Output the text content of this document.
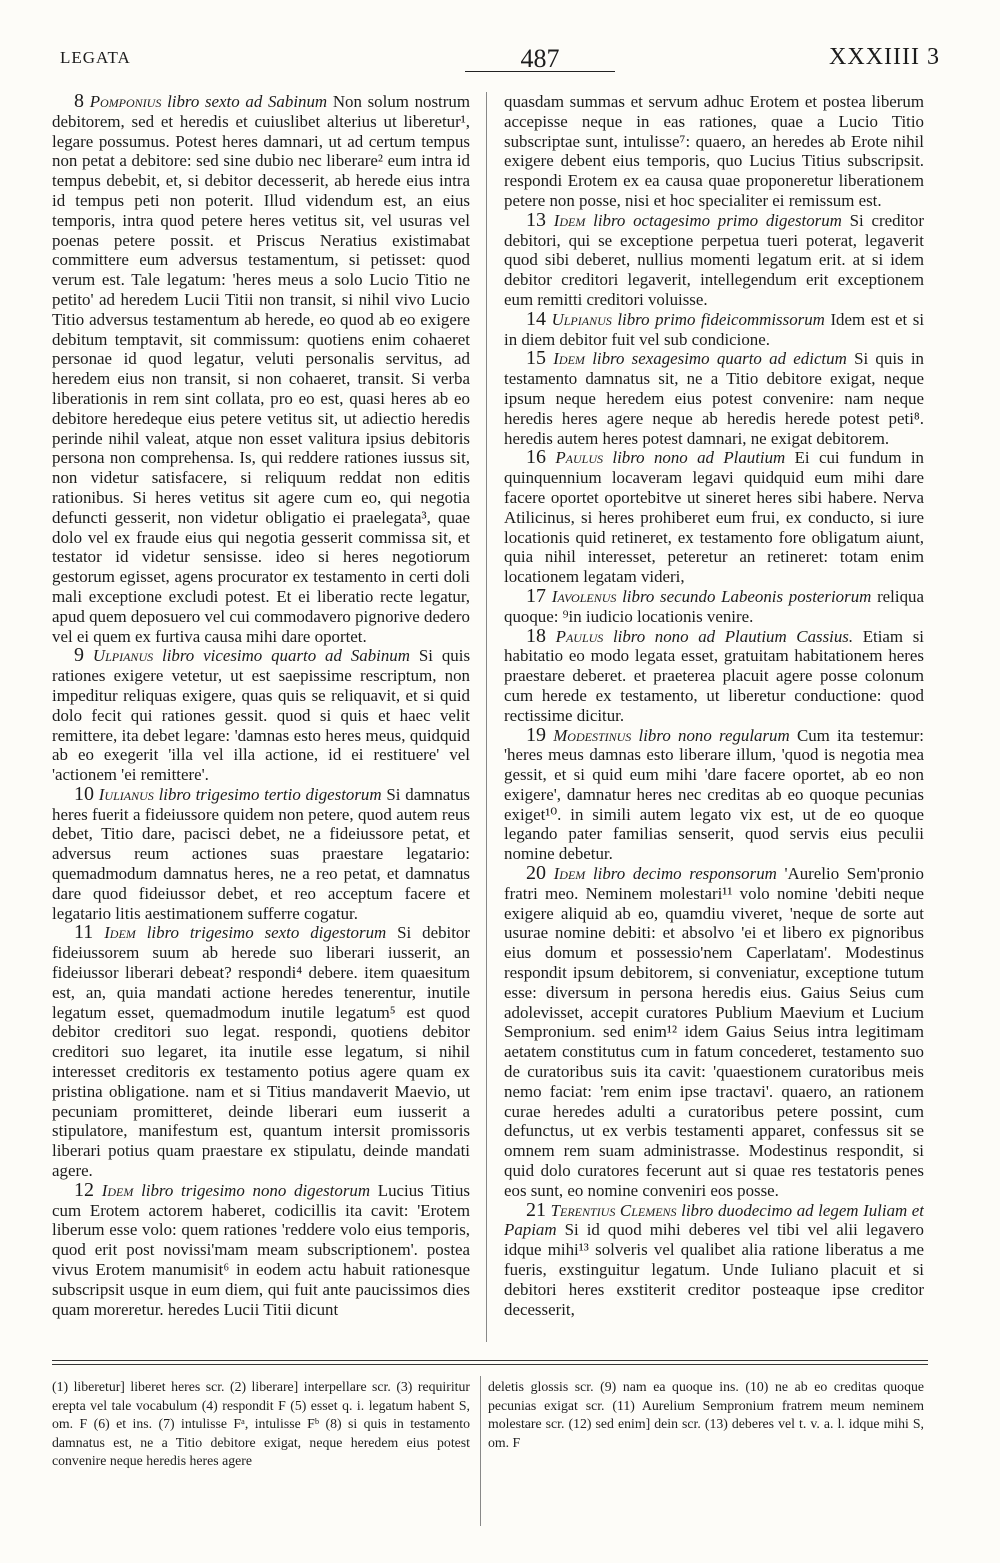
LEGATA	487	XXXIIII 3

8 Pomponius libro sexto ad Sabinum Non solum nostrum debitorem, sed et heredis et cuiuslibet alterius ut liberetur¹, legare possumus. Potest heres damnari, ut ad certum tempus non petat a debitore: sed sine dubio nec liberare² eum intra id tempus debebit, et, si debitor decesserit, ab herede eius intra id tempus peti non poterit. Illud videndum est, an eius temporis, intra quod petere heres vetitus sit, vel usuras vel poenas petere possit. et Priscus Neratius existimabat committere eum adversus testamentum, si petisset: quod verum est. Tale legatum: 'heres meus a solo Lucio Titio ne petito' ad heredem Lucii Titii non transit, si nihil vivo Lucio Titio adversus testamentum ab herede, eo quod ab eo exigere debitum temptavit, sit commissum: quotiens enim cohaeret personae id quod legatur, veluti personalis servitus, ad heredem eius non transit, si non cohaeret, transit. Si verba liberationis in rem sint collata, pro eo est, quasi heres ab eo debitore heredeque eius petere vetitus sit, ut adiectio heredis perinde nihil valeat, atque non esset valitura ipsius debitoris persona non comprehensa. Is, qui reddere rationes iussus sit, non videtur satisfacere, si reliquum reddat non editis rationibus. Si heres vetitus sit agere cum eo, qui negotia defuncti gesserit, non videtur obligatio ei praelegata³, quae dolo vel ex fraude eius qui negotia gesserit commissa sit, et testator id videtur sensisse. ideo si heres negotiorum gestorum egisset, agens procurator ex testamento in certi doli mali exceptione excludi potest. Et ei liberatio recte legatur, apud quem deposuero vel cui commodavero pignorive dedero vel ei quem ex furtiva causa mihi dare oportet.

9 Ulpianus libro vicesimo quarto ad Sabinum Si quis rationes exigere vetetur, ut est saepissime rescriptum, non impeditur reliquas exigere, quas quis se reliquavit, et si quid dolo fecit qui rationes gessit. quod si quis et haec velit remittere, ita debet legare: 'damnas esto heres meus, quidquid ab eo exegerit 'illa vel illa actione, id ei restituere' vel 'actionem 'ei remittere'.

10 Iulianus libro trigesimo tertio digestorum Si damnatus heres fuerit a fideiussore quidem non petere, quod autem reus debet, Titio dare, pacisci debet, ne a fideiussore petat, et adversus reum actiones suas praestare legatario: quemadmodum damnatus heres, ne a reo petat, et damnatus dare quod fideiussor debet, et reo acceptum facere et legatario litis aestimationem sufferre cogatur.

11 Idem libro trigesimo sexto digestorum Si debitor fideiussorem suum ab herede suo liberari iusserit, an fideiussor liberari debeat? respondi⁴ debere. item quaesitum est, an, quia mandati actione heredes tenerentur, inutile legatum esset, quemadmodum inutile legatum⁵ est quod debitor creditori suo legat. respondi, quotiens debitor creditori suo legaret, ita inutile esse legatum, si nihil interesset creditoris ex testamento potius agere quam ex pristina obligatione. nam et si Titius mandaverit Maevio, ut pecuniam promitteret, deinde liberari eum iusserit a stipulatore, manifestum est, quantum intersit promissoris liberari potius quam praestare ex stipulatu, deinde mandati agere.

12 Idem libro trigesimo nono digestorum Lucius Titius cum Erotem actorem haberet, codicillis ita cavit: 'Erotem liberum esse volo: quem rationes 'reddere volo eius temporis, quod erit post novissi'mam meam subscriptionem'. postea vivus Erotem manumisit⁶ in eodem actu habuit rationesque subscripsit usque in eum diem, qui fuit ante paucissimos dies quam moreretur. heredes Lucii Titii dicunt

quasdam summas et servum adhuc Erotem et postea liberum accepisse neque in eas rationes, quae a Lucio Titio subscriptae sunt, intulisse⁷: quaero, an heredes ab Erote nihil exigere debent eius temporis, quo Lucius Titius subscripsit. respondi Erotem ex ea causa quae proponeretur liberationem petere non posse, nisi et hoc specialiter ei remissum est.

13 Idem libro octagesimo primo digestorum Si creditor debitori, qui se exceptione perpetua tueri poterat, legaverit quod sibi deberet, nullius momenti legatum erit. at si idem debitor creditori legaverit, intellegendum erit exceptionem eum remitti creditori voluisse.

14 Ulpianus libro primo fideicommissorum Idem est et si in diem debitor fuit vel sub condicione.

15 Idem libro sexagesimo quarto ad edictum Si quis in testamento damnatus sit, ne a Titio debitore exigat, neque ipsum neque heredem eius potest convenire: nam neque heredis heres agere neque ab heredis herede potest peti⁸. heredis autem heres potest damnari, ne exigat debitorem.

16 Paulus libro nono ad Plautium Ei cui fundum in quinquennium locaveram legavi quidquid eum mihi dare facere oportet oportebitve ut sineret heres sibi habere. Nerva Atilicinus, si heres prohiberet eum frui, ex conducto, si iure locationis quid retineret, ex testamento fore obligatum aiunt, quia nihil interesset, peteretur an retineret: totam enim locationem legatam videri,

17 Iavolenus libro secundo Labeonis posteriorum reliqua quoque: ⁹in iudicio locationis venire.

18 Paulus libro nono ad Plautium Cassius. Etiam si habitatio eo modo legata esset, gratuitam habitationem heres praestare deberet. et praeterea placuit agere posse colonum cum herede ex testamento, ut liberetur conductione: quod rectissime dicitur.

19 Modestinus libro nono regularum Cum ita testemur: 'heres meus damnas esto liberare illum, 'quod is negotia mea gessit, et si quid eum mihi 'dare facere oportet, ab eo non exigere', damnatur heres nec creditas ab eo quoque pecunias exiget¹⁰. in simili autem legato vix est, ut de eo quoque legando pater familias senserit, quod servis eius peculii nomine debetur.

20 Idem libro decimo responsorum 'Aurelio Sem'pronio fratri meo. Neminem molestari¹¹ volo nomine 'debiti neque exigere aliquid ab eo, quamdiu viveret, 'neque de sorte aut usurae nomine debiti: et absolvo 'ei et libero ex pignoribus eius domum et possessio'nem Caperlatam'. Modestinus respondit ipsum debitorem, si conveniatur, exceptione tutum esse: diversum in persona heredis eius. Gaius Seius cum adolevisset, accepit curatores Publium Maevium et Lucium Sempronium. sed enim¹² idem Gaius Seius intra legitimam aetatem constitutus cum in fatum concederet, testamento suo de curatoribus suis ita cavit: 'quaestionem curatoribus meis nemo faciat: 'rem enim ipse tractavi'. quaero, an rationem curae heredes adulti a curatoribus petere possint, cum defunctus, ut ex verbis testamenti apparet, confessus sit se omnem rem suam administrasse. Modestinus respondit, si quid dolo curatores fecerunt aut si quae res testatoris penes eos sunt, eo nomine conveniri eos posse.

21 Terentius Clemens libro duodecimo ad legem Iuliam et Papiam Si id quod mihi deberes vel tibi vel alii legavero idque mihi¹³ solveris vel qualibet alia ratione liberatus a me fueris, exstinguitur legatum. Unde Iuliano placuit et si debitori heres exstiterit creditor posteaque ipse creditor decesserit,

(1) liberetur] liberet heres scr. (2) liberare] interpellare scr. (3) requiritur erepta vel tale vocabulum (4) respondit F (5) esset q. i. legatum habent S, om. F (6) et ins. (7) intulisse Fᵃ, intulisse Fᵇ (8) si quis in testamento damnatus est, ne a Titio debitore exigat, neque heredem eius potest convenire neque heredis heres agere

deletis glossis scr. (9) nam ea quoque ins. (10) ne ab eo creditas quoque pecunias exigat scr. (11) Aurelium Sempronium fratrem meum neminem molestare scr. (12) sed enim] dein scr. (13) deberes vel t. v. a. l. idque mihi S, om. F
